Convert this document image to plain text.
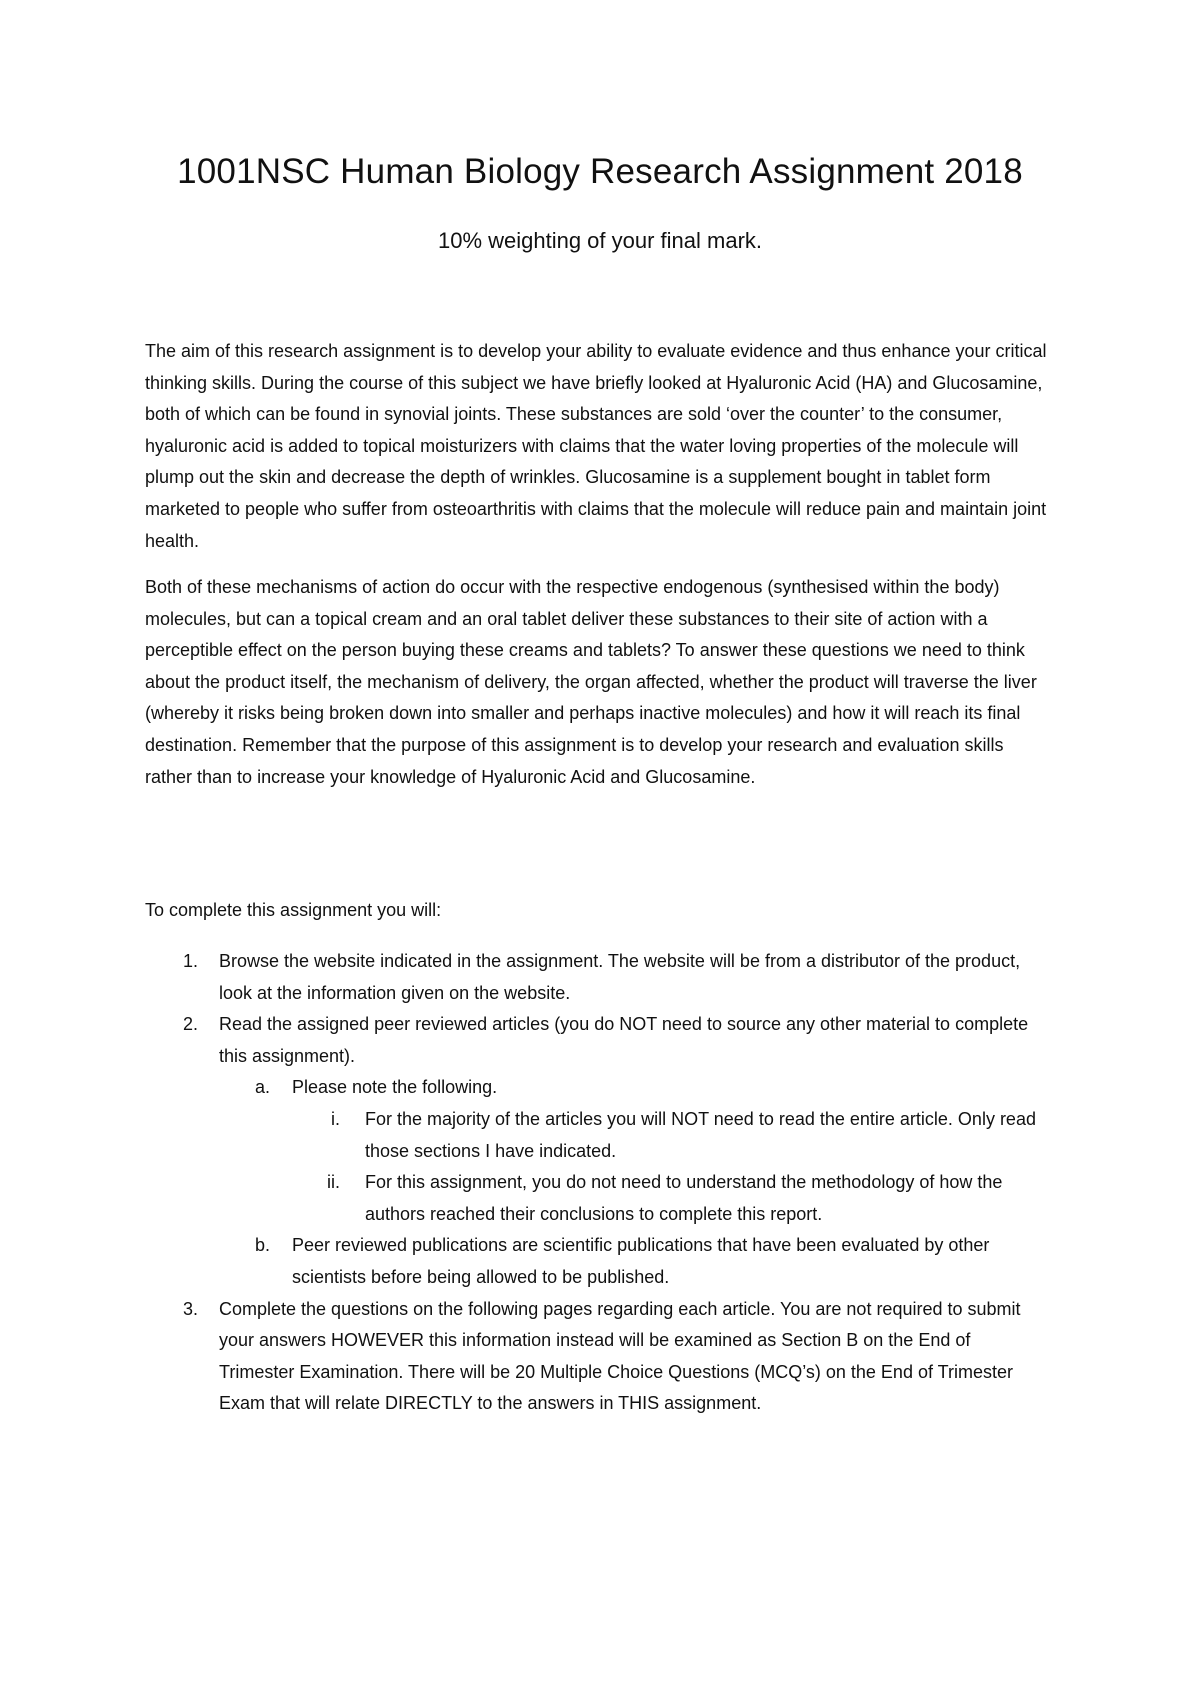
1001NSC Human Biology Research Assignment 2018

10% weighting of your final mark.

The aim of this research assignment is to develop your ability to evaluate evidence and thus enhance your critical thinking skills. During the course of this subject we have briefly looked at Hyaluronic Acid (HA) and Glucosamine, both of which can be found in synovial joints. These substances are sold ‘over the counter’ to the consumer, hyaluronic acid is added to topical moisturizers with claims that the water loving properties of the molecule will plump out the skin and decrease the depth of wrinkles. Glucosamine is a supplement bought in tablet form marketed to people who suffer from osteoarthritis with claims that the molecule will reduce pain and maintain joint health.

Both of these mechanisms of action do occur with the respective endogenous (synthesised within the body) molecules, but can a topical cream and an oral tablet deliver these substances to their site of action with a perceptible effect on the person buying these creams and tablets? To answer these questions we need to think about the product itself, the mechanism of delivery, the organ affected, whether the product will traverse the liver (whereby it risks being broken down into smaller and perhaps inactive molecules) and how it will reach its final destination. Remember that the purpose of this assignment is to develop your research and evaluation skills rather than to increase your knowledge of Hyaluronic Acid and Glucosamine.

To complete this assignment you will:

1. Browse the website indicated in the assignment. The website will be from a distributor of the product, look at the information given on the website.
2. Read the assigned peer reviewed articles (you do NOT need to source any other material to complete this assignment).
a. Please note the following.
i. For the majority of the articles you will NOT need to read the entire article. Only read those sections I have indicated.
ii. For this assignment, you do not need to understand the methodology of how the authors reached their conclusions to complete this report.
b. Peer reviewed publications are scientific publications that have been evaluated by other scientists before being allowed to be published.
3. Complete the questions on the following pages regarding each article. You are not required to submit your answers HOWEVER this information instead will be examined as Section B on the End of Trimester Examination. There will be 20 Multiple Choice Questions (MCQ’s) on the End of Trimester Exam that will relate DIRECTLY to the answers in THIS assignment.
